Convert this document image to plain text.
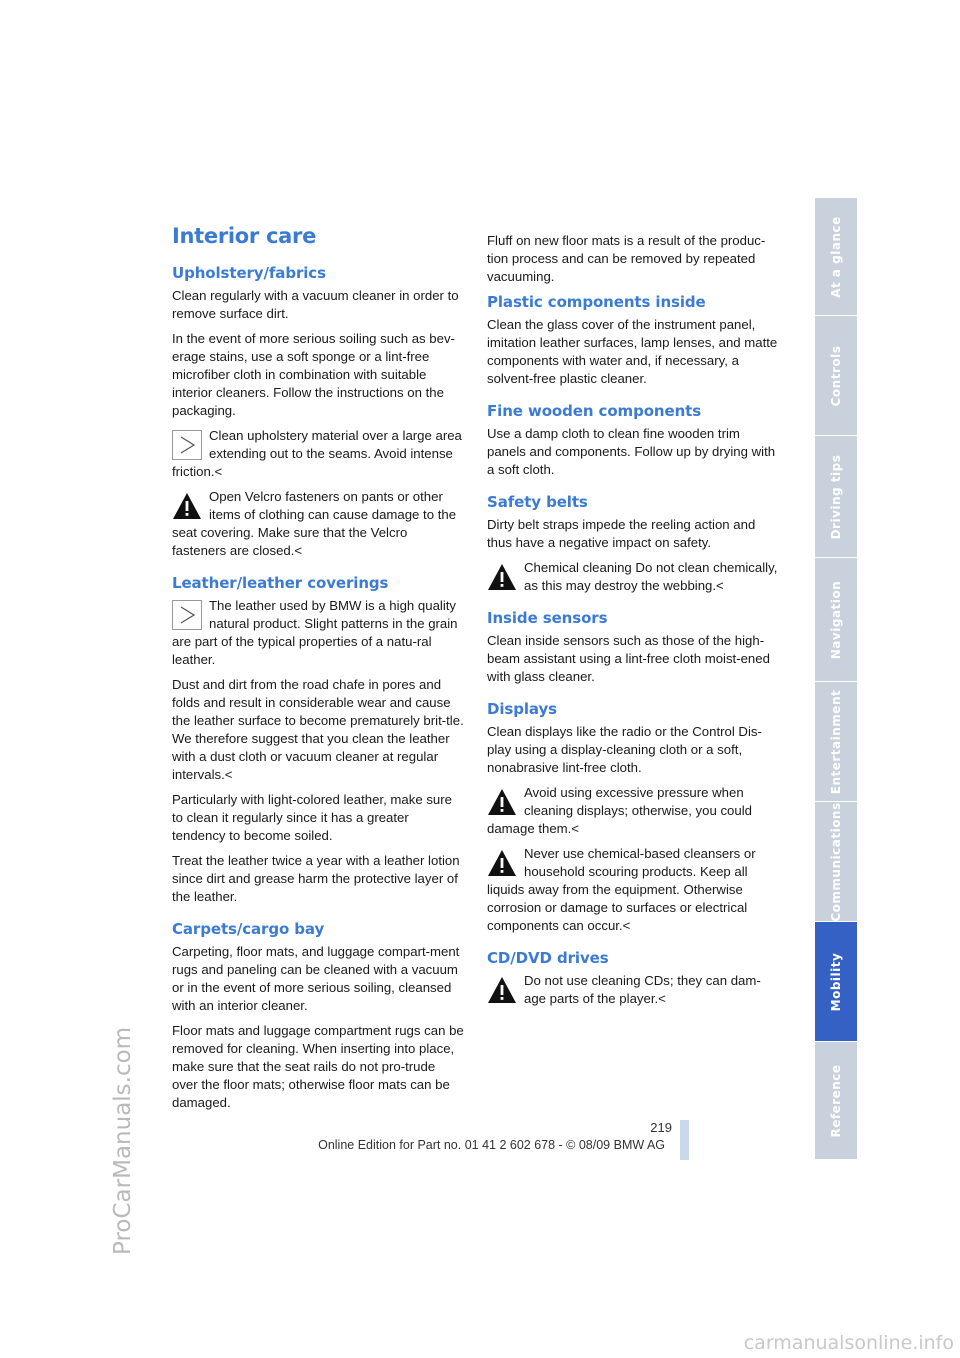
ProCarManuals.com
Interior care
Upholstery/fabrics

Clean regularly with a vacuum cleaner in order to remove surface dirt.

In the event of more serious soiling such as bev-erage stains, use a soft sponge or a lint-free microfiber cloth in combination with suitable interior cleaners. Follow the instructions on the packaging.

Clean upholstery material over a large area extending out to the seams. Avoid intense friction.<

Open Velcro fasteners on pants or other items of clothing can cause damage to the seat covering. Make sure that the Velcro fasteners are closed.<

Leather/leather coverings

The leather used by BMW is a high quality natural product. Slight patterns in the grain are part of the typical properties of a natu-ral leather.

Dust and dirt from the road chafe in pores and folds and result in considerable wear and cause the leather surface to become prematurely brit-tle. We therefore suggest that you clean the leather with a dust cloth or vacuum cleaner at regular intervals.<

Particularly with light-colored leather, make sure to clean it regularly since it has a greater tendency to become soiled.

Treat the leather twice a year with a leather lotion since dirt and grease harm the protective layer of the leather.

Carpets/cargo bay

Carpeting, floor mats, and luggage compart-ment rugs and paneling can be cleaned with a vacuum or in the event of more serious soiling, cleansed with an interior cleaner.

Floor mats and luggage compartment rugs can be removed for cleaning. When inserting into place, make sure that the seat rails do not pro-trude over the floor mats; otherwise floor mats can be damaged.

Fluff on new floor mats is a result of the produc-tion process and can be removed by repeated vacuuming.

Plastic components inside

Clean the glass cover of the instrument panel, imitation leather surfaces, lamp lenses, and matte components with water and, if necessary, a solvent-free plastic cleaner.

Fine wooden components

Use a damp cloth to clean fine wooden trim panels and components. Follow up by drying with a soft cloth.

Safety belts

Dirty belt straps impede the reeling action and thus have a negative impact on safety.

Chemical cleaning Do not clean chemically, as this may destroy the webbing.<

Inside sensors

Clean inside sensors such as those of the high-beam assistant using a lint-free cloth moist-ened with glass cleaner.

Displays

Clean displays like the radio or the Control Dis-play using a display-cleaning cloth or a soft, nonabrasive lint-free cloth.

Avoid using excessive pressure when cleaning displays; otherwise, you could damage them.<

Never use chemical-based cleansers or household scouring products. Keep all liquids away from the equipment. Otherwise corrosion or damage to surfaces or electrical components can occur.<

CD/DVD drives

Do not use cleaning CDs; they can dam-age parts of the player.<

At a glance
Controls
Driving tips
Navigation
Entertainment
Communications
Mobility
Reference
219
Online Edition for Part no. 01 41 2 602 678 - © 08/09 BMW AG
carmanualsonline.info
